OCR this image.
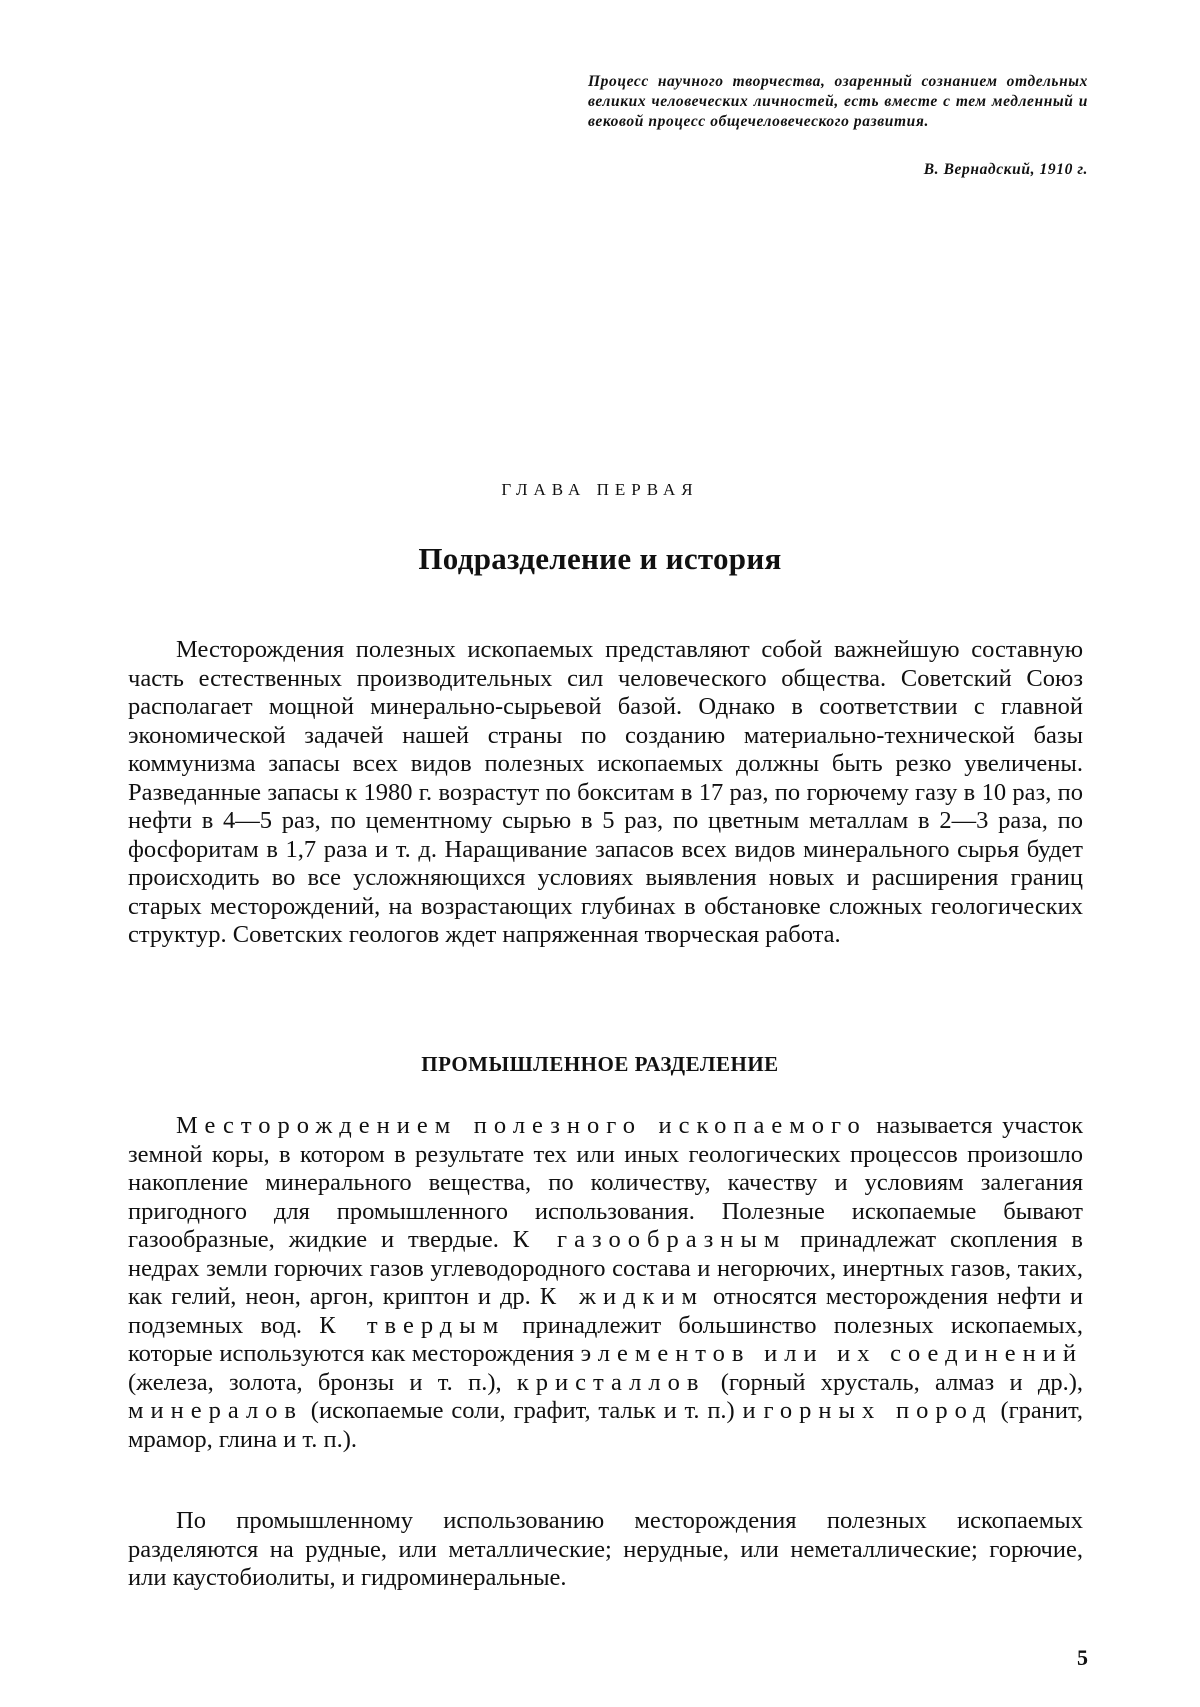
Процесс научного творчества, озаренный сознанием отдельных великих человеческих личностей, есть вместе с тем медленный и вековой процесс общечеловеческого развития.
В. Вернадский, 1910 г.
ГЛАВА ПЕРВАЯ
Подразделение и история

Месторождения полезных ископаемых представляют собой важнейшую составную часть естественных производительных сил человеческого общества. Советский Союз располагает мощной минерально-сырьевой базой. Однако в соответствии с главной экономической задачей нашей страны по созданию материально-технической базы коммунизма запасы всех видов полезных ископаемых должны быть резко увеличены. Разведанные запасы к 1980 г. возрастут по бокситам в 17 раз, по горючему газу в 10 раз, по нефти в 4—5 раз, по цементному сырью в 5 раз, по цветным металлам в 2—3 раза, по фосфоритам в 1,7 раза и т. д. Наращивание запасов всех видов минерального сырья будет происходить во все усложняющихся условиях выявления новых и расширения границ старых месторождений, на возрастающих глубинах в обстановке сложных геологических структур. Советских геологов ждет напряженная творческая работа.

ПРОМЫШЛЕННОЕ РАЗДЕЛЕНИЕ

Месторождением полезного ископаемого называется участок земной коры, в котором в результате тех или иных геологических процессов произошло накопление минерального вещества, по количеству, качеству и условиям залегания пригодного для промышленного использования. Полезные ископаемые бывают газообразные, жидкие и твердые. К газообразным принадлежат скопления в недрах земли горючих газов углеводородного состава и негорючих, инертных газов, таких, как гелий, неон, аргон, криптон и др. К жидким относятся месторождения нефти и подземных вод. К твердым принадлежит большинство полезных ископаемых, которые используются как месторождения элементов или их соединений (железа, золота, бронзы и т. п.), кристаллов (горный хрусталь, алмаз и др.), минералов (ископаемые соли, графит, тальк и т. п.) и горных пород (гранит, мрамор, глина и т. п.).

По промышленному использованию месторождения полезных ископаемых разделяются на рудные, или металлические; нерудные, или неметаллические; горючие, или каустобиолиты, и гидроминеральные.

5
